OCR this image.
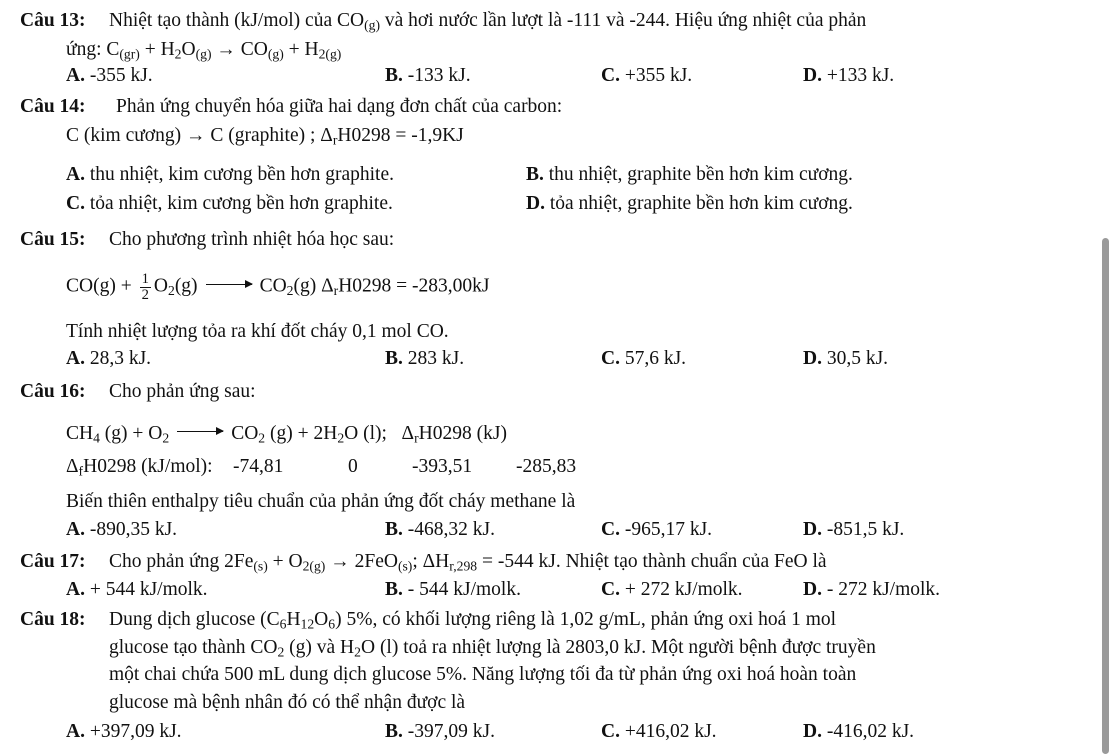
Câu 13: Nhiệt tạo thành (kJ/mol) của $CO_{(g)}$ và hơi nước lần lượt là -111 và -244. Hiệu ứng nhiệt của phản
ứng: $C_{(gr)} + H_2O_{(g)} \to CO_{(g)} + H_{2(g)}$
A. -355 kJ.	B. -133 kJ.	C. +355 kJ.	D. +133 kJ.
Câu 14: Phản ứng chuyển hóa giữa hai dạng đơn chất của carbon:
C (kim cương) → C (graphite) ; $\Delta_rH0298 = -1,9KJ$
A. thu nhiệt, kim cương bền hơn graphite.	B. thu nhiệt, graphite bền hơn kim cương.
C. tỏa nhiệt, kim cương bền hơn graphite.	D. tỏa nhiệt, graphite bền hơn kim cương.
Câu 15: Cho phương trình nhiệt hóa học sau:
$CO(g) + \frac{1}{2} O_2(g)$	$CO_2(g) \Delta_rH0298 = -283,00kJ$
Tính nhiệt lượng tỏa ra khí đốt cháy 0,1 mol CO.
A. 28,3 kJ.	B. 283 kJ.	C. 57,6 kJ.	D. 30,5 kJ.
Câu 16: Cho phản ứng sau:
$CH_4$ $(g) + O_2$	$CO_2$ $(g) + 2H_2O$ (l);   $\Delta_rH0298$ (kJ)
$\Delta_fH0298$ (kJ/mol): -74,81	0	-393,51 -285,83
Biến thiên enthalpy tiêu chuẩn của phản ứng đốt cháy methane là
A. -890,35 kJ.	B. -468,32 kJ.	C. -965,17 kJ.	D. -851,5 kJ.
Câu 17: Cho phản ứng $2Fe_{(s)} + O_{2(g)} \to 2FeO_{(s)}$; $\Delta H_{r,298} = -544$ kJ. Nhiệt tạo thành chuẩn của FeO là
A. + 544 kJ/molk.	B. - 544 kJ/molk.	C. + 272 kJ/molk.	D. - 272 kJ/molk.
Câu 18: Dung dịch glucose $(C_6H_{12}O_6)$ 5%, có khối lượng riêng là 1,02 g/mL, phản ứng oxi hoá 1 mol
glucose tạo thành $CO_2$ (g) và $H_2O$ (l) toả ra nhiệt lượng là 2803,0 kJ. Một người bệnh được truyền
một chai chứa 500 mL dung dịch glucose 5%. Năng lượng tối đa từ phản ứng oxi hoá hoàn toàn
glucose mà bệnh nhân đó có thể nhận được là
A. +397,09 kJ.	B. -397,09 kJ.	C. +416,02 kJ.	D. -416,02 kJ.
